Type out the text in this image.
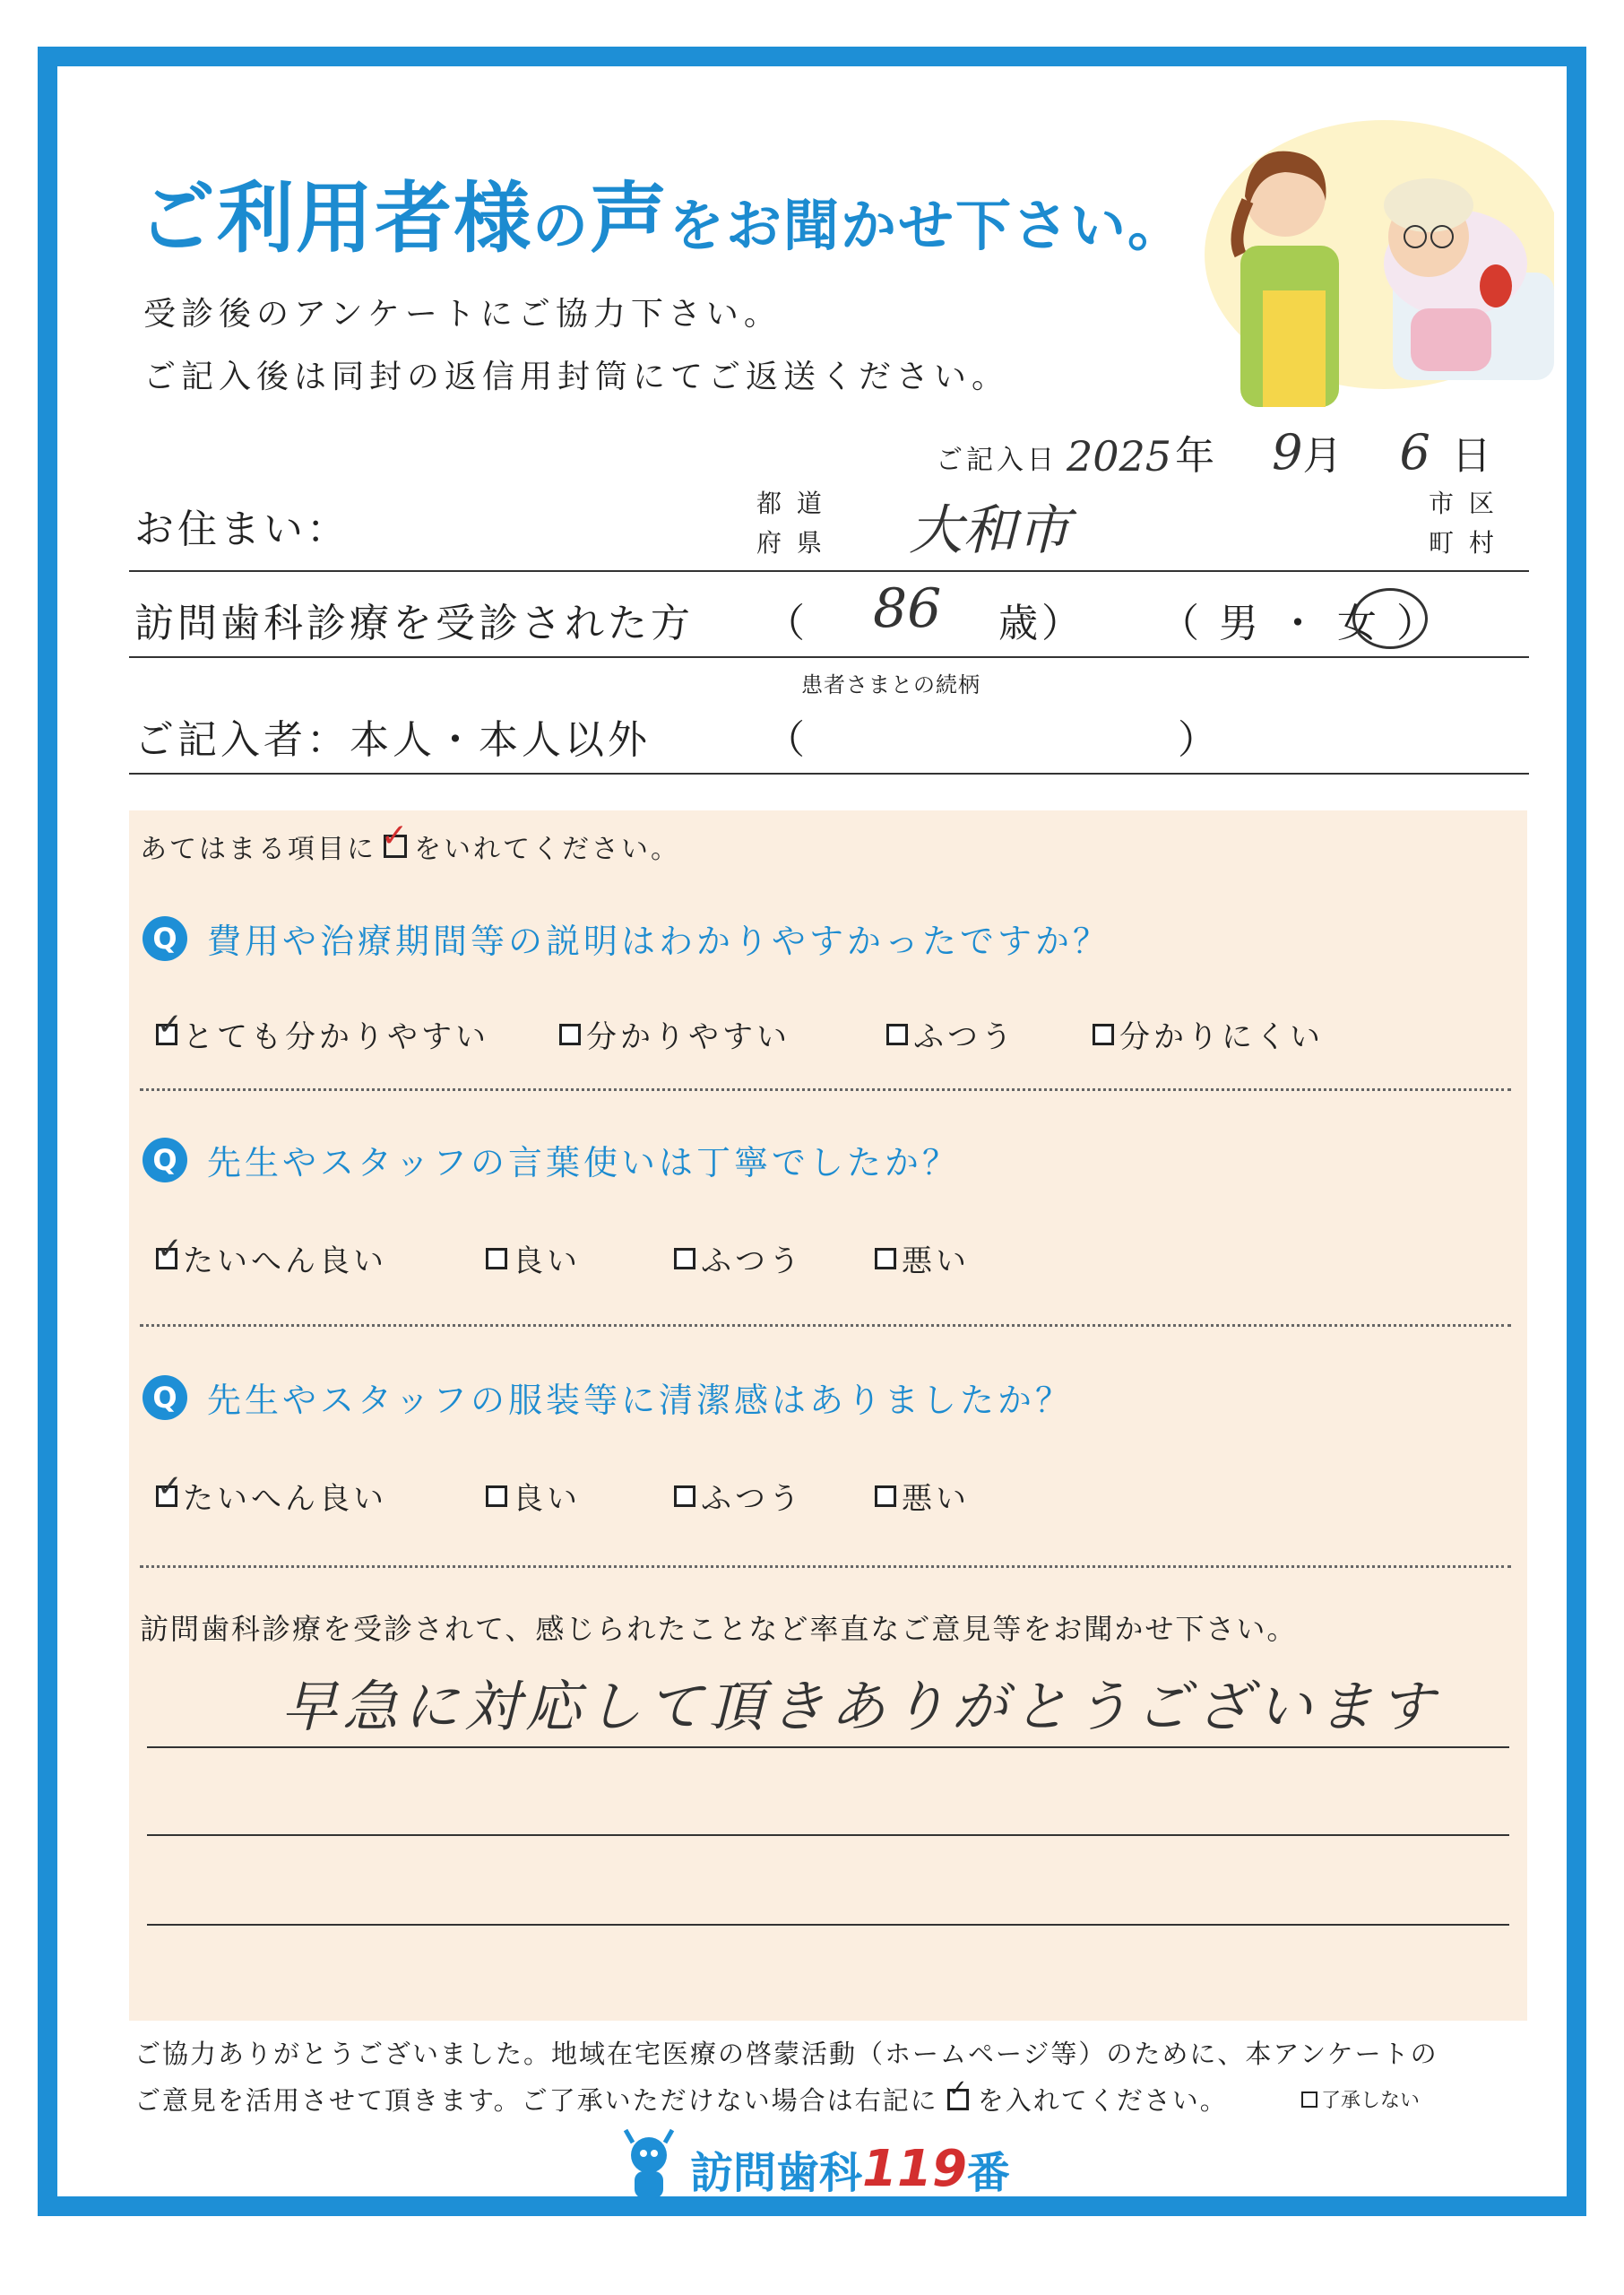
ご利用者様の声をお聞かせ下さい。
受診後のアンケートにご協力下さい。
ご記入後は同封の返信用封筒にてご返送ください。
ご記入日 2025 年 9 月 6 日
お住まい：
都 道
府 県 大和市	市 区
町 村
訪問歯科診療を受診された方 （ 86 歳） （ 男 ・ 女 ）
患者さまとの続柄
ご記入者：本人・本人以外	（	）
あてはまる項目に ✓ をいれてください。
Q 費用や治療期間等の説明はわかりやすかったですか？
✓
とても分かりやすい	分かりやすい	ふつう	分かりにくい
Q 先生やスタッフの言葉使いは丁寧でしたか？
✓
たいへん良い	良い	ふつう	悪い
Q 先生やスタッフの服装等に清潔感はありましたか？
✓
たいへん良い	良い	ふつう	悪い
訪問歯科診療を受診されて、感じられたことなど率直なご意見等をお聞かせ下さい。
早急に対応して頂きありがとうございます
ご協力ありがとうございました。地域在宅医療の啓蒙活動（ホームページ等）のために、本アンケートの
ご意見を活用させて頂きます。ご了承いただけない場合は右記に ✓ を入れてください。	了承しない
訪問歯科 119 番
